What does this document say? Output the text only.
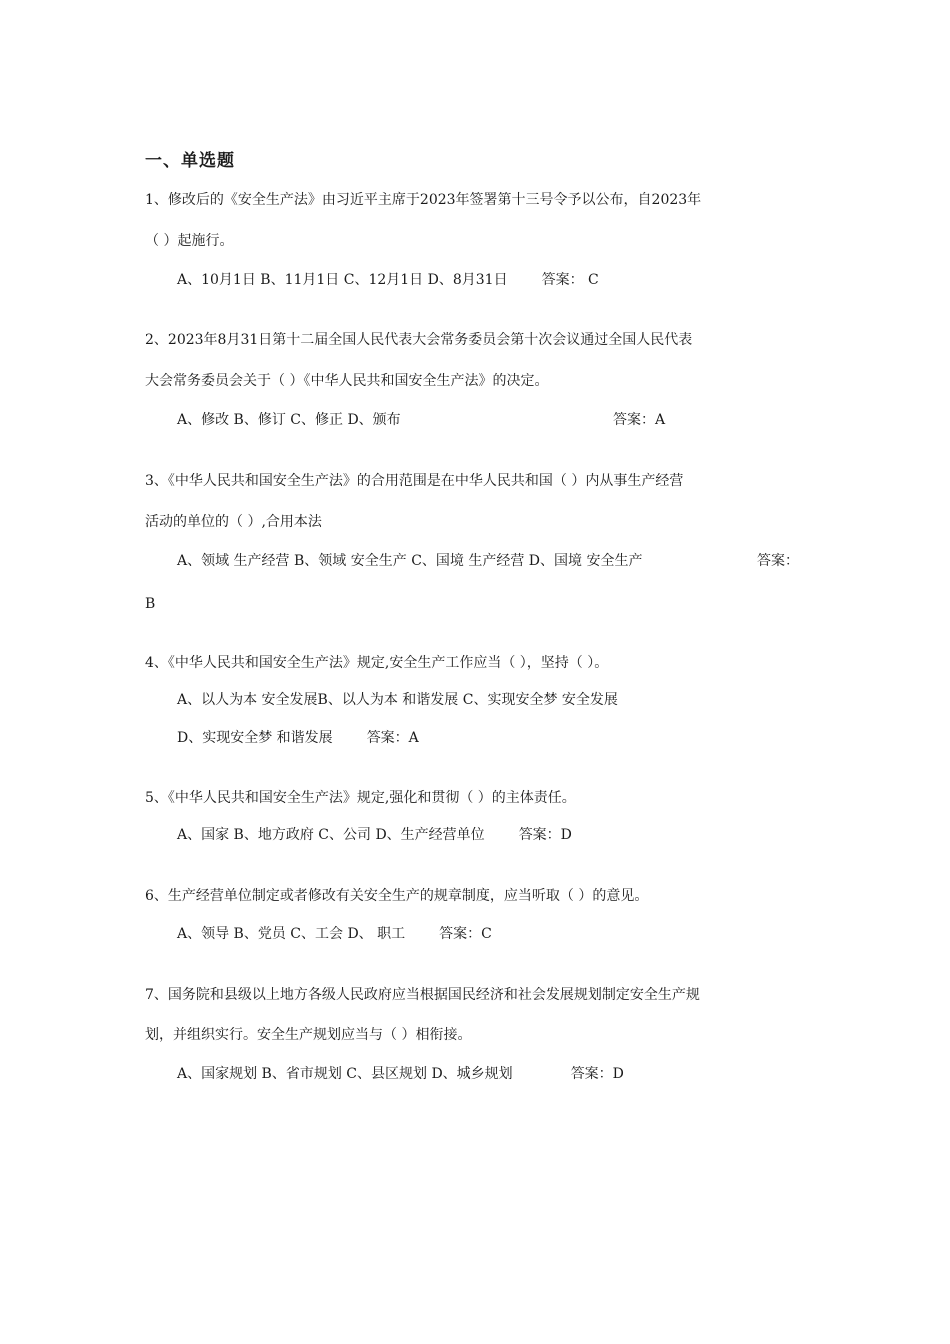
一、单选题
1、修改后的《安全生产法》由习近平主席于2023年签署第十三号令予以公布，自2023年
（ ）起施行。
A、10月1日 B、11月1日 C、12月1日 D、8月31日 答案： C
2、2023年8月31日第十二届全国人民代表大会常务委员会第十次会议通过全国人民代表
大会常务委员会关于（ ）《中华人民共和国安全生产法》的决定。
A、修改 B、修订 C、修正 D、颁布	答案：A
3、《中华人民共和国安全生产法》的合用范围是在中华人民共和国（ ）内从事生产经营
活动的单位的（ ）,合用本法
A、领域 生产经营 B、领域 安全生产 C、国境 生产经营 D、国境 安全生产	答案：
B
4、《中华人民共和国安全生产法》规定,安全生产工作应当（ ），坚持（ ）。
A、以人为本 安全发展B、以人为本 和谐发展 C、实现安全梦 安全发展
D、实现安全梦 和谐发展 答案：A
5、《中华人民共和国安全生产法》规定,强化和贯彻（ ）的主体责任。
A、国家 B、地方政府 C、公司 D、生产经营单位 答案：D
6、生产经营单位制定或者修改有关安全生产的规章制度，应当听取（ ）的意见。
A、领导 B、党员 C、工会 D、 职工 答案：C
7、国务院和县级以上地方各级人民政府应当根据国民经济和社会发展规划制定安全生产规
划，并组织实行。安全生产规划应当与（ ）相衔接。
A、国家规划 B、省市规划 C、县区规划 D、城乡规划	答案：D
